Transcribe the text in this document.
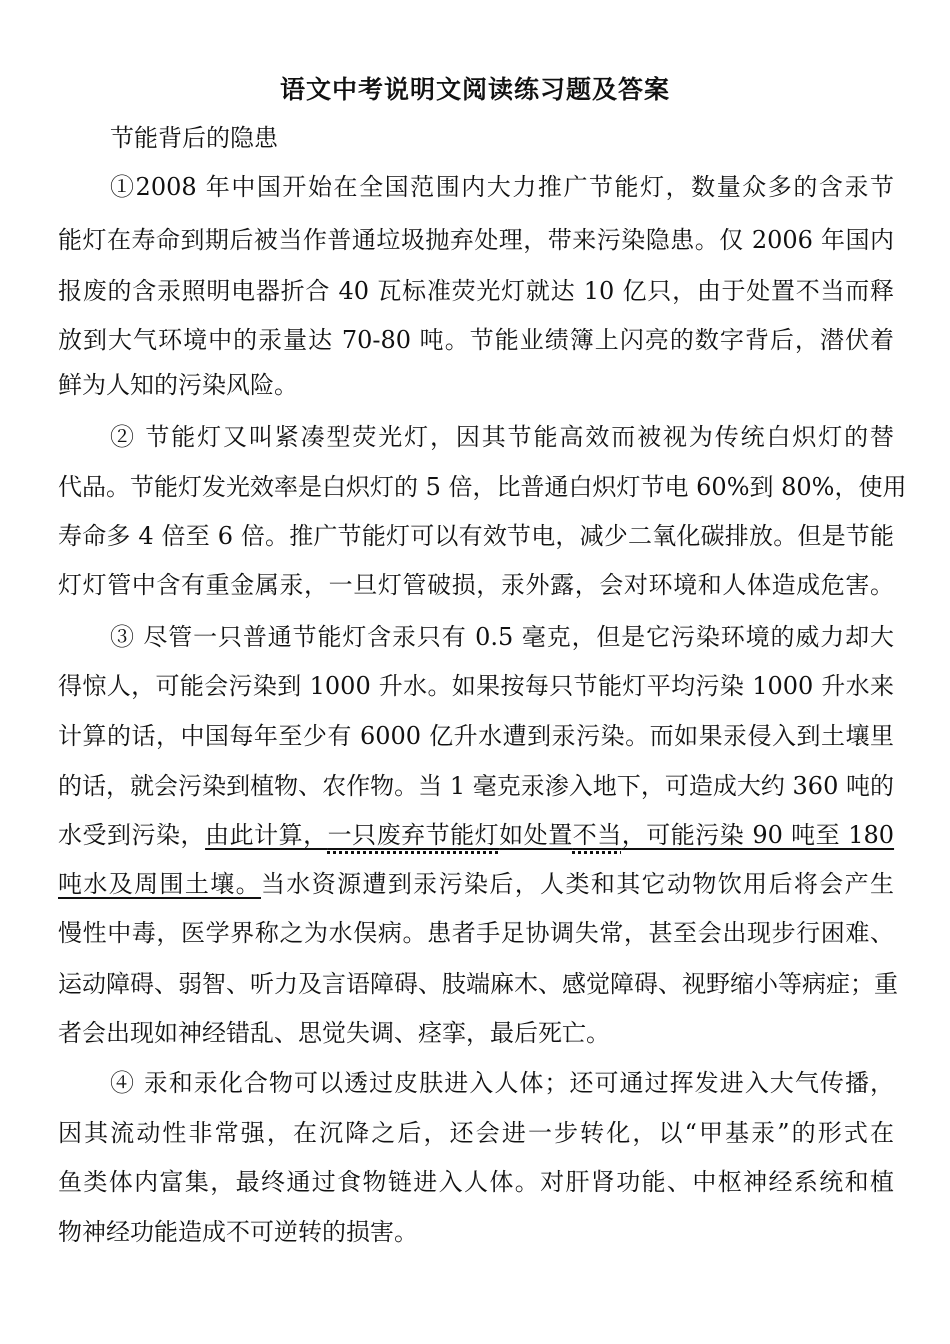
语文中考说明文阅读练习题及答案
节能背后的隐患
①2008 年中国开始在全国范围内大力推广节能灯，数量众多的含汞节
能灯在寿命到期后被当作普通垃圾抛弃处理，带来污染隐患。仅 2006 年国内
报废的含汞照明电器折合 40 瓦标准荧光灯就达 10 亿只，由于处置不当而释
放到大气环境中的汞量达 70-80 吨。节能业绩簿上闪亮的数字背后，潜伏着
鲜为人知的污染风险。
② 节能灯又叫紧凑型荧光灯，因其节能高效而被视为传统白炽灯的替
代品。节能灯发光效率是白炽灯的 5 倍，比普通白炽灯节电 60%到 80%，使用
寿命多 4 倍至 6 倍。推广节能灯可以有效节电，减少二氧化碳排放。但是节能
灯灯管中含有重金属汞，一旦灯管破损，汞外露，会对环境和人体造成危害。
③ 尽管一只普通节能灯含汞只有 0.5 毫克，但是它污染环境的威力却大
得惊人，可能会污染到 1000 升水。如果按每只节能灯平均污染 1000 升水来
计算的话，中国每年至少有 6000 亿升水遭到汞污染。而如果汞侵入到土壤里
的话，就会污染到植物、农作物。当 1 毫克汞渗入地下，可造成大约 360 吨的
水受到污染，由此计算，一只废弃节能灯如处置不当，可能污染 90 吨至 180
吨水及周围土壤。当水资源遭到汞污染后，人类和其它动物饮用后将会产生
慢性中毒，医学界称之为水俣病。患者手足协调失常，甚至会出现步行困难、
运动障碍、弱智、听力及言语障碍、肢端麻木、感觉障碍、视野缩小等病症；重
者会出现如神经错乱、思觉失调、痉挛，最后死亡。
④ 汞和汞化合物可以透过皮肤进入人体；还可通过挥发进入大气传播，
因其流动性非常强，在沉降之后，还会进一步转化，以“甲基汞”的形式在
鱼类体内富集，最终通过食物链进入人体。对肝肾功能、中枢神经系统和植
物神经功能造成不可逆转的损害。
